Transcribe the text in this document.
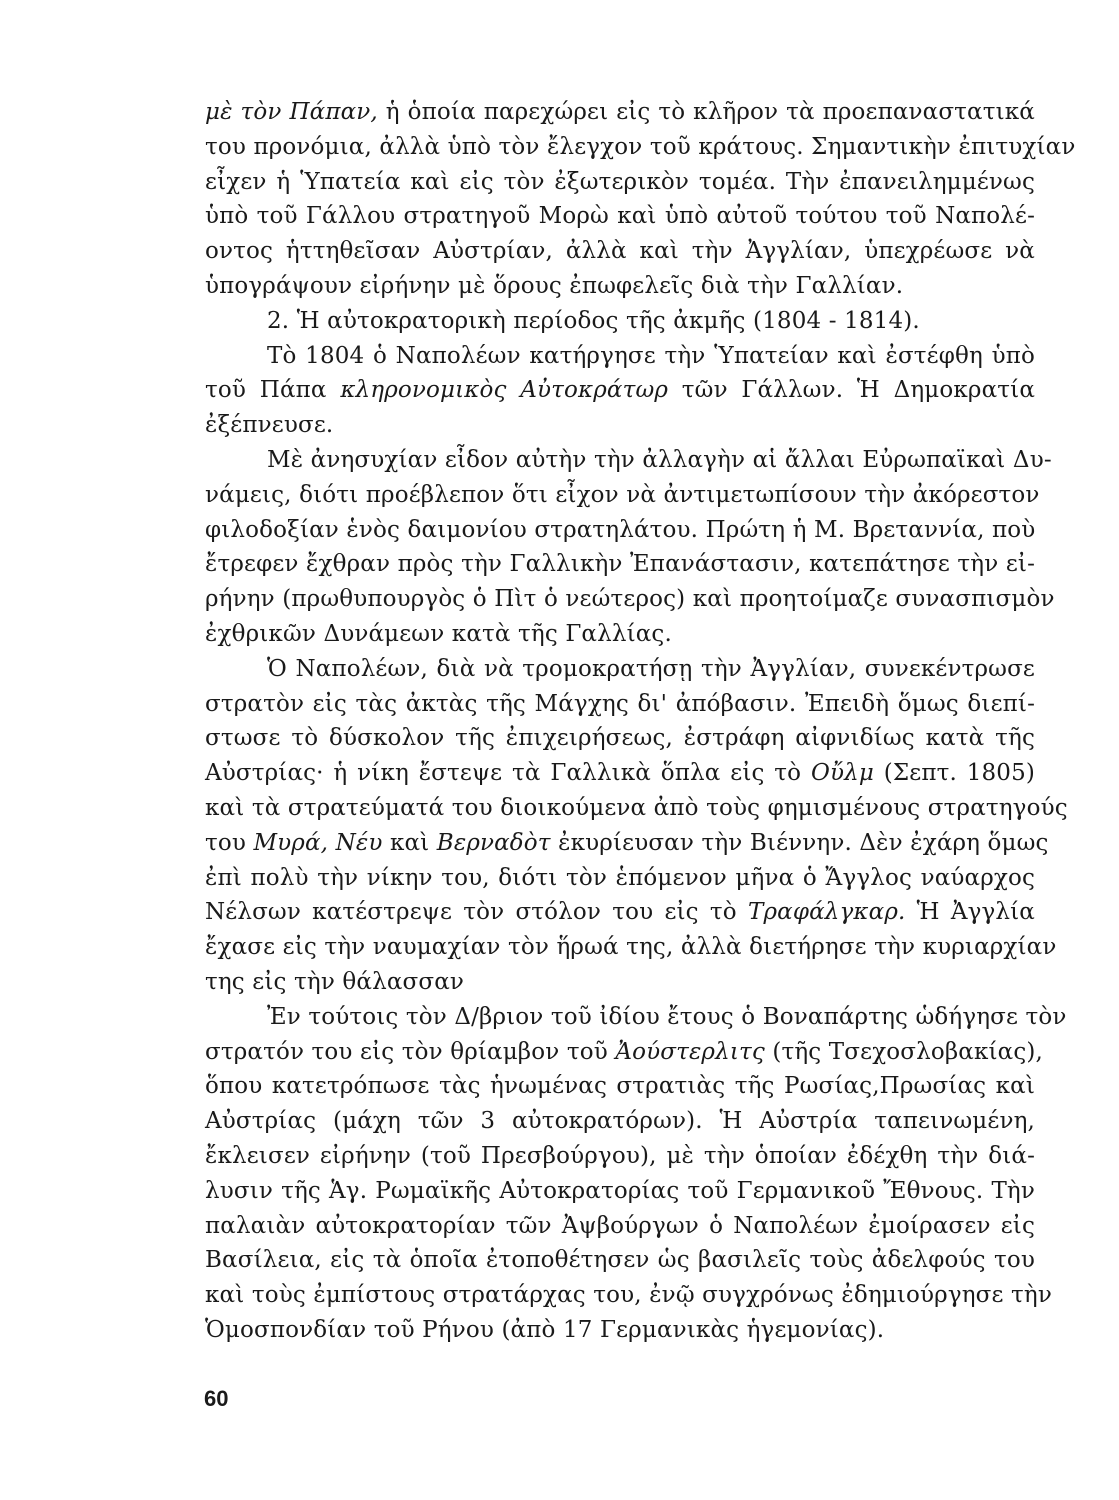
μὲ τὸν Πάπαν, ἡ ὁποία παρεχώρει εἰς τὸ κλῆρον τὰ προεπαναστατικά
του προνόμια, ἀλλὰ ὑπὸ τὸν ἔλεγχον τοῦ κράτους. Σημαντικὴν ἐπιτυχίαν
εἶχεν ἡ Ὑπατεία καὶ εἰς τὸν ἐξωτερικὸν τομέα. Τὴν ἐπανειλημμένως
ὑπὸ τοῦ Γάλλου στρατηγοῦ Μορὼ καὶ ὑπὸ αὐτοῦ τούτου τοῦ Ναπολέ-
οντος ἡττηθεῖσαν Αὐστρίαν, ἀλλὰ καὶ τὴν Ἀγγλίαν, ὑπεχρέωσε νὰ
ὑπογράψουν εἰρήνην μὲ ὅρους ἐπωφελεῖς διὰ τὴν Γαλλίαν.
2. Ἡ αὐτοκρατορικὴ περίοδος τῆς ἀκμῆς (1804 - 1814).
Τὸ 1804 ὁ Ναπολέων κατήργησε τὴν Ὑπατείαν καὶ ἐστέφθη ὑπὸ
τοῦ Πάπα κληρονομικὸς Αὐτοκράτωρ τῶν Γάλλων. Ἡ Δημοκρατία
ἐξέπνευσε.
Μὲ ἀνησυχίαν εἶδον αὐτὴν τὴν ἀλλαγὴν αἱ ἄλλαι Εὐρωπαϊκαὶ Δυ-
νάμεις, διότι προέβλεπον ὅτι εἶχον νὰ ἀντιμετωπίσουν τὴν ἀκόρεστον
φιλοδοξίαν ἑνὸς δαιμονίου στρατηλάτου. Πρώτη ἡ Μ. Βρεταννία, ποὺ
ἔτρεφεν ἔχθραν πρὸς τὴν Γαλλικὴν Ἐπανάστασιν, κατεπάτησε τὴν εἰ-
ρήνην (πρωθυπουργὸς ὁ Πὶτ ὁ νεώτερος) καὶ προητοίμαζε συνασπισμὸν
ἐχθρικῶν Δυνάμεων κατὰ τῆς Γαλλίας.
Ὁ Ναπολέων, διὰ νὰ τρομοκρατήσῃ τὴν Ἀγγλίαν, συνεκέντρωσε
στρατὸν εἰς τὰς ἀκτὰς τῆς Μάγχης δι' ἀπόβασιν. Ἐπειδὴ ὅμως διεπί-
στωσε τὸ δύσκολον τῆς ἐπιχειρήσεως, ἐστράφη αἰφνιδίως κατὰ τῆς
Αὐστρίας· ἡ νίκη ἔστεψε τὰ Γαλλικὰ ὅπλα εἰς τὸ Οὔλμ (Σεπτ. 1805)
καὶ τὰ στρατεύματά του διοικούμενα ἀπὸ τοὺς φημισμένους στρατηγούς
του Μυρά, Νέυ καὶ Βερναδὸτ ἐκυρίευσαν τὴν Βιέννην. Δὲν ἐχάρη ὅμως
ἐπὶ πολὺ τὴν νίκην του, διότι τὸν ἑπόμενον μῆνα ὁ Ἄγγλος ναύαρχος
Νέλσων κατέστρεψε τὸν στόλον του εἰς τὸ Τραφάλγκαρ. Ἡ Ἀγγλία
ἔχασε εἰς τὴν ναυμαχίαν τὸν ἥρωά της, ἀλλὰ διετήρησε τὴν κυριαρχίαν
της εἰς τὴν θάλασσαν
Ἐν τούτοις τὸν Δ/βριον τοῦ ἰδίου ἔτους ὁ Βοναπάρτης ὡδήγησε τὸν
στρατόν του εἰς τὸν θρίαμβον τοῦ Ἀούστερλιτς (τῆς Τσεχοσλοβακίας),
ὅπου κατετρόπωσε τὰς ἡνωμένας στρατιὰς τῆς Ρωσίας,Πρωσίας καὶ
Αὐστρίας (μάχη τῶν 3 αὐτοκρατόρων). Ἡ Αὐστρία ταπεινωμένη,
ἔκλεισεν εἰρήνην (τοῦ Πρεσβούργου), μὲ τὴν ὁποίαν ἐδέχθη τὴν διά-
λυσιν τῆς Ἁγ. Ρωμαϊκῆς Αὐτοκρατορίας τοῦ Γερμανικοῦ Ἔθνους. Τὴν
παλαιὰν αὐτοκρατορίαν τῶν Ἀψβούργων ὁ Ναπολέων ἐμοίρασεν εἰς
Βασίλεια, εἰς τὰ ὁποῖα ἐτοποθέτησεν ὡς βασιλεῖς τοὺς ἀδελφούς του
καὶ τοὺς ἐμπίστους στρατάρχας του, ἐνῷ συγχρόνως ἐδημιούργησε τὴν
Ὁμοσπονδίαν τοῦ Ρήνου (ἀπὸ 17 Γερμανικὰς ἡγεμονίας).
60
